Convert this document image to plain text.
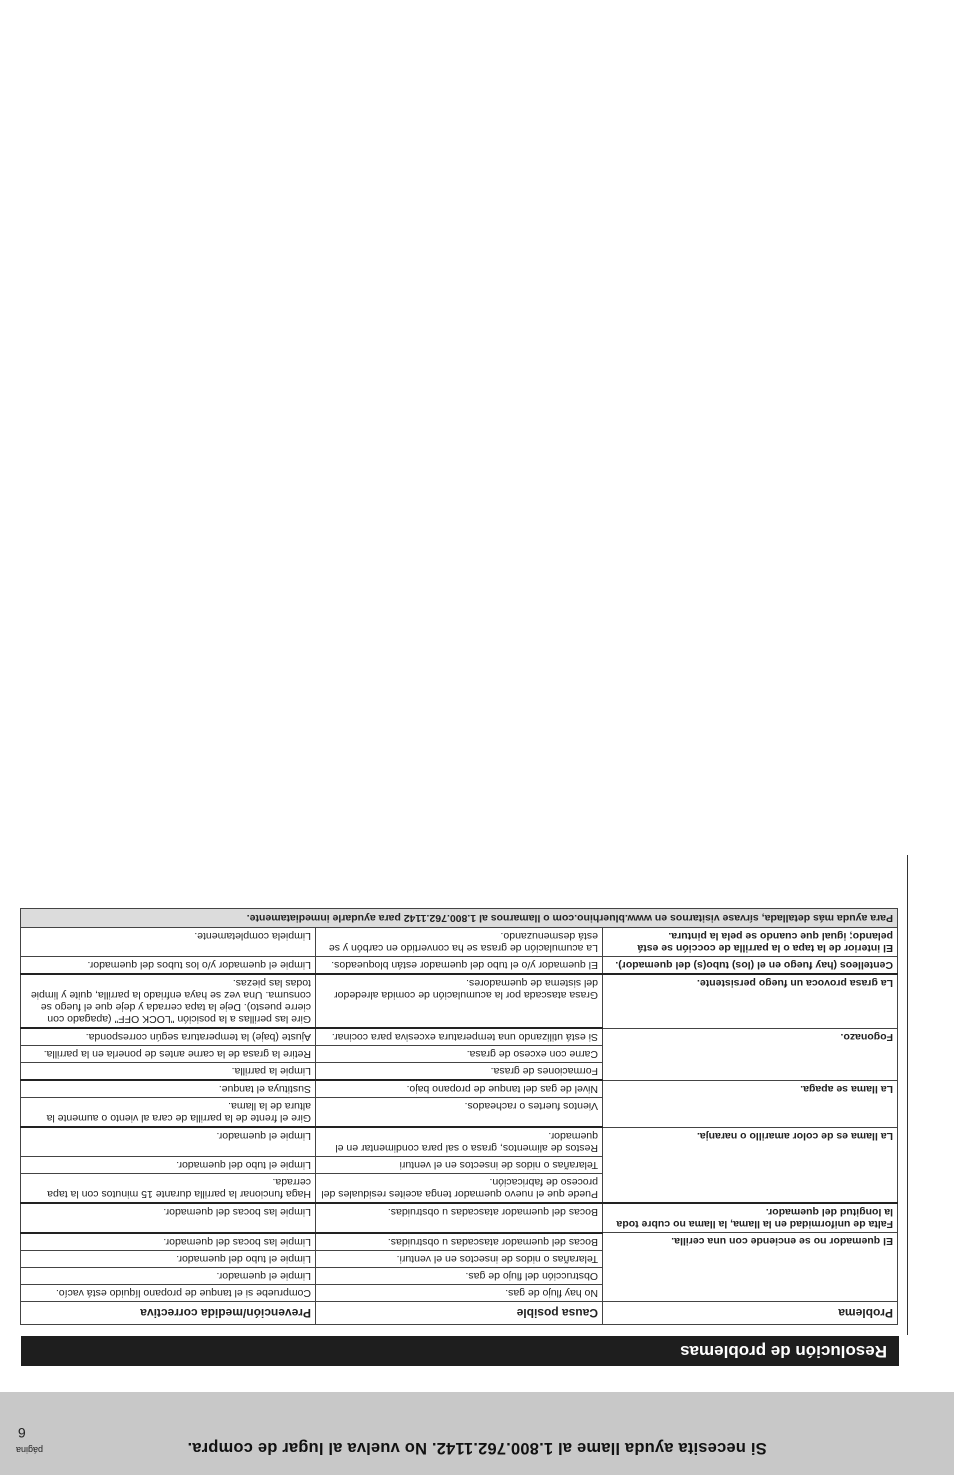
Si necesita ayuda llame al 1.800.762.1142. No vuelva al lugar de compra.
página
6
Resolución de problemas
Problema	Causa posible	Prevención/medida correctiva
El quemador no se enciende con una cerilla.	No hay flujo de gas.	Compruebe si el tanque de propano líquido está vacío.
	Obstrucción del flujo de gas.	Limpie el quemador.
	Telarañas o nidos de insectos en el venturi.	Limpie el tubo del quemador.
	Bocas del quemador atascadas u obstruidas.	Limpie las bocas del quemador.
Falta de uniformidad en la llama, la llama no cubre toda la longitud del quemador.	Bocas del quemador atascadas u obstruidas.	Limpie las bocas del quemador.
La llama es de color amarillo o naranja.	Puede que el nuevo quemador tenga aceites residuales del proceso de fabricación.	Haga funcionar la parrilla durante 15 minutos con la tapa cerrada.
	Telarañas o nidos de insectos en el venturi	Limpie el tubo del quemador.
	Restos de alimentos, grasa o sal para condimentar en el quemador.	Limpie el quemador.
La llama se apaga.	Vientos fuertes o racheados.	Gire el frente de la parrilla de cara al viento o aumente la altura de la llama.
	Nivel de gas del tanque de propano bajo.	Sustituya el tanque.
Fogonazo.	Formaciones de grasa.	Limpie la parrilla.
	Carne con exceso de grasa.	Retire la grasa de la carne antes de ponerla en la parrilla.
	Si está utilizando una temperatura excesiva para cocinar.	Ajuste (baje) la temperatura según corresponda.
La grasa provoca un fuego persistente.	Grasa atascada por la acumulación de comida alrededor del sistema de quemadores.	Gire las perillas a la posición "LOCK OFF" (apagado con cierre puesto). Deje la tapa cerrada y deje que el fuego se consuma. Una vez se haya enfriado la parrilla, quite y limpie todas las piezas.
Centelleos (hay fuego en el (los) tubo(s) del quemador).	El quemador y/o el tubo del quemador están bloqueados.	Limpie el quemador y/o los tubos del quemador.
El interior de la tapa o la parrilla de cocción se está pelando; igual que cuando se pela la pintura.	La acumulación de grasa se ha convertido en carbón y se está desmenuzando.	Limpiela completamente.
Para ayuda más detallada, sírvase visitarnos en www.bluerhino.com o llamarnos al 1.800.762.1142 para ayudarle inmediatamente.		
